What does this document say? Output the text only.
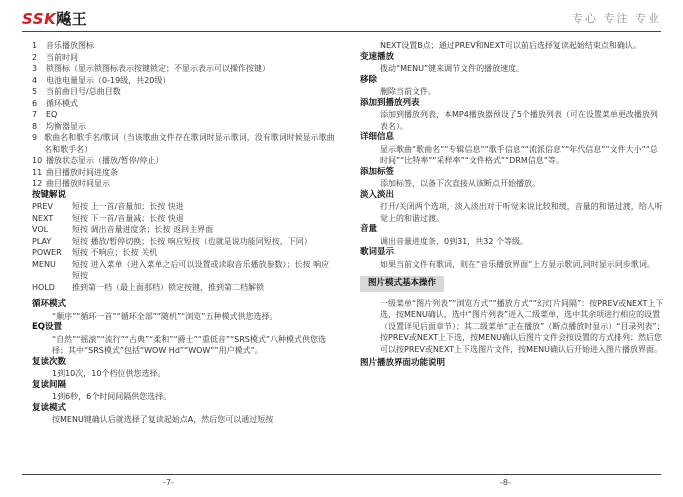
SSK飚王	专心 专注 专业
1	音乐播放图标
2	当前时间
3	锁图标（显示锁图标表示按键锁定；不显示表示可以操作按键）
4	电池电量显示（0-19级，共20级）
5	当前曲目号/总曲目数
6	循环模式
7	EQ
8	均衡器显示
9 歌曲名和歌手名/歌词（当该歌曲文件存在歌词时显示歌词，没有歌词时候显示歌曲名和歌手名）
10 播放状态显示（播放/暂停/停止）
11 曲目播放时间进度条
12 曲目播放时间显示
按键解说
PREV	短按 上一首/音量加；长按 快进
NEXT	短按 下一首/音量减；长按 快退
VOL	短按 调出音量进度条；长按 返回主界面
PLAY	短按 播放/暂停切换；长按 响应短按（也就是说功能同短按，下同）
POWER	短按 不响应；长按 关机
MENU	短按 进入菜单（进入菜单之后可以设置或读取音乐播放参数）；长按 响应短按
HOLD	推到第一档（最上面那档）锁定按键，推到第二档解锁
循环模式
“顺序”“循环一首”“循环全部”“随机”“浏览”五种模式供您选择。
EQ设置
“自然”“摇滚”“流行”“古典”“柔和”“爵士”“重低音”“SRS模式”八种模式供您选择；其中“SRS模式”包括“WOW Hd”“WOW”“用户模式”。
复读次数
1到10次，10个档位供您选择。
复读间隔
1到6秒，6个时间间隔供您选择。
复读模式
按MENU键确认后就选择了复读起始点A，然后您可以通过短按
NEXT设置B点；通过PREV和NEXT可以前后选择复读起始结束点和确认。
变速播放
拨动“MENU”键来调节文件的播放速度。
移除
删除当前文件。
添加到播放列表
添加到播放列表，本MP4播放器预设了5个播放列表（可在设置菜单更改播放列表名）。
详细信息
显示歌曲“歌曲名”“专辑信息”“歌手信息”“流派信息”“年代信息”“文件大小”“总时间”“比特率”“采样率”“文件格式”“DRM信息”等。
添加标签
添加标签，以备下次直接从该断点开始播放。
淡入淡出
打开/关闭两个选项，淡入淡出对于听觉来说比较和缓，音量的和谐过渡，给人听觉上的和谐过渡。
音量
调出音量进度条，0到31，共32 个等级。
歌词显示
如果当前文件有歌词，则在“音乐播放界面”上方显示歌词,同时显示同步歌词。
图片模式基本操作
一级菜单“图片列表”“浏览方式”“播放方式”“幻灯片间隔”：按PREV或NEXT上下选，按MENU确认，选中“图片列表”进入二级菜单，选中其余项进行相应的设置（设置详见后面章节）；其二级菜单“正在播放”（断点播放时显示）“目录列表”；按PREV或NEXT上下选，按MENU确认后图片文件会按设置的方式排列；然后您可以按PREV或NEXT上下选图片文件，按MENU确认后开始进入图片播放界面。
图片播放界面功能说明
-7-	-8-
